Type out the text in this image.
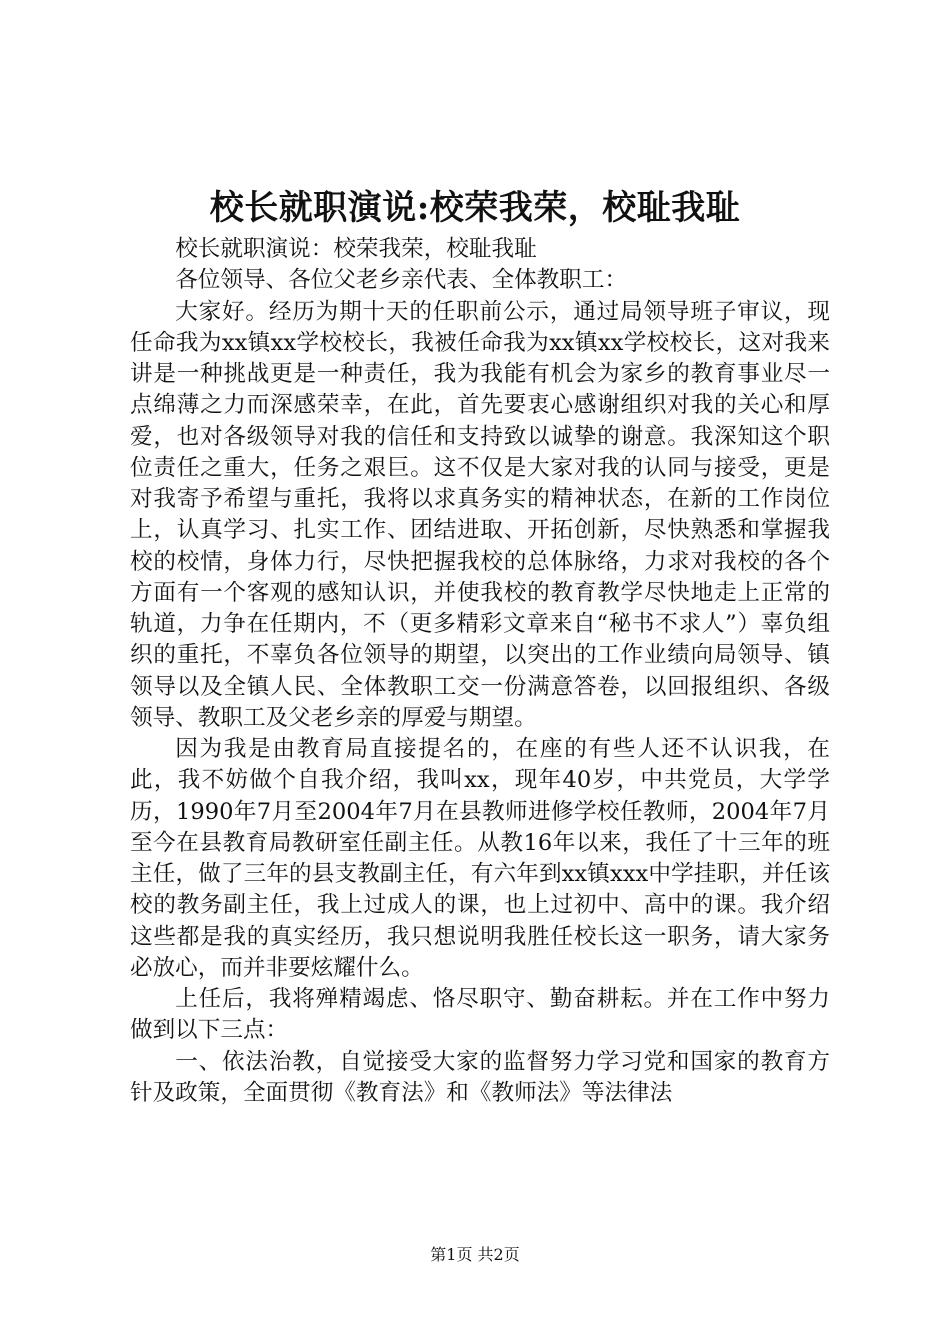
校长就职演说:校荣我荣，校耻我耻

校长就职演说：校荣我荣，校耻我耻

各位领导、各位父老乡亲代表、全体教职工：

大家好。经历为期十天的任职前公示，通过局领导班子审议，现任命我为xx镇xx学校校长，我被任命我为xx镇xx学校校长，这对我来讲是一种挑战更是一种责任，我为我能有机会为家乡的教育事业尽一点绵薄之力而深感荣幸，在此，首先要衷心感谢组织对我的关心和厚爱，也对各级领导对我的信任和支持致以诚挚的谢意。我深知这个职位责任之重大，任务之艰巨。这不仅是大家对我的认同与接受，更是对我寄予希望与重托，我将以求真务实的精神状态，在新的工作岗位上，认真学习、扎实工作、团结进取、开拓创新，尽快熟悉和掌握我校的校情，身体力行，尽快把握我校的总体脉络，力求对我校的各个方面有一个客观的感知认识，并使我校的教育教学尽快地走上正常的轨道，力争在任期内，不（更多精彩文章来自“秘书不求人”）辜负组织的重托，不辜负各位领导的期望，以突出的工作业绩向局领导、镇领导以及全镇人民、全体教职工交一份满意答卷，以回报组织、各级领导、教职工及父老乡亲的厚爱与期望。

因为我是由教育局直接提名的，在座的有些人还不认识我，在此，我不妨做个自我介绍，我叫xx，现年40岁，中共党员，大学学历，1990年7月至2004年7月在县教师进修学校任教师，2004年7月至今在县教育局教研室任副主任。从教16年以来，我任了十三年的班主任，做了三年的县支教副主任，有六年到xx镇xxx中学挂职，并任该校的教务副主任，我上过成人的课，也上过初中、高中的课。我介绍这些都是我的真实经历，我只想说明我胜任校长这一职务，请大家务必放心，而并非要炫耀什么。

上任后，我将殚精竭虑、恪尽职守、勤奋耕耘。并在工作中努力做到以下三点：

一、依法治教，自觉接受大家的监督努力学习党和国家的教育方针及政策，全面贯彻《教育法》和《教师法》等法律法

第1页 共2页
